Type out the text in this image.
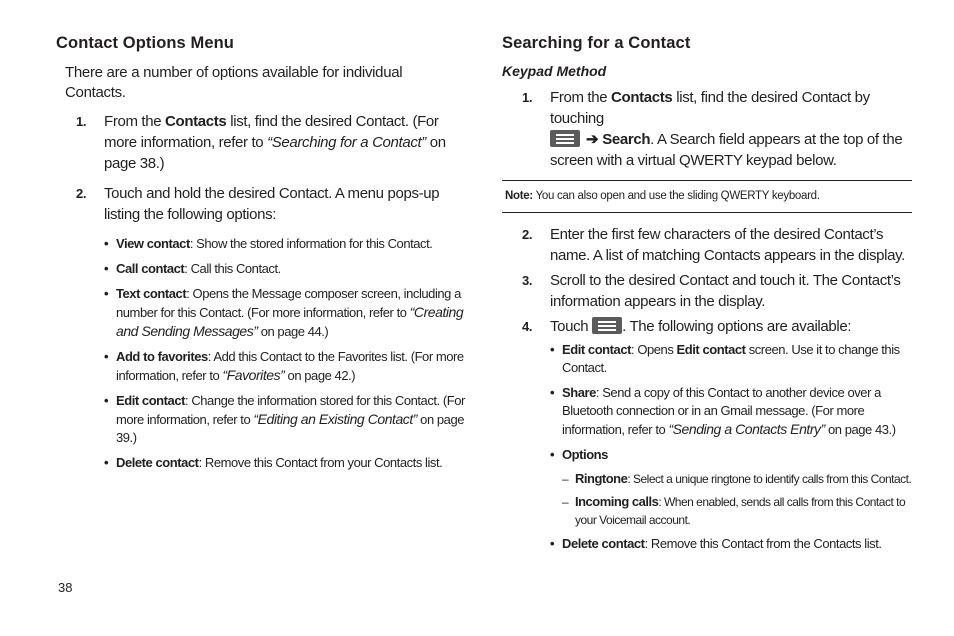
Contact Options Menu
There are a number of options available for individual Contacts.
1. From the Contacts list, find the desired Contact. (For more information, refer to “Searching for a Contact” on page 38.)
2. Touch and hold the desired Contact. A menu pops-up listing the following options:
• View contact: Show the stored information for this Contact.
• Call contact: Call this Contact.
• Text contact: Opens the Message composer screen, including a number for this Contact. (For more information, refer to “Creating and Sending Messages” on page 44.)
• Add to favorites: Add this Contact to the Favorites list. (For more information, refer to “Favorites” on page 42.)
• Edit contact: Change the information stored for this Contact. (For more information, refer to “Editing an Existing Contact” on page 39.)
• Delete contact: Remove this Contact from your Contacts list.
Searching for a Contact
Keypad Method
1. From the Contacts list, find the desired Contact by touching

➔ Search. A Search field appears at the top of the screen with a virtual QWERTY keypad below.
Note: You can also open and use the sliding QWERTY keyboard.
2. Enter the first few characters of the desired Contact’s name. A list of matching Contacts appears in the display.
3. Scroll to the desired Contact and touch it. The Contact’s information appears in the display.
4. Touch
. The following options are available:
• Edit contact: Opens Edit contact screen. Use it to change this Contact.
• Share: Send a copy of this Contact to another device over a Bluetooth connection or in an Gmail message. (For more information, refer to “Sending a Contacts Entry” on page 43.)
• Options
– Ringtone: Select a unique ringtone to identify calls from this Contact.
– Incoming calls: When enabled, sends all calls from this Contact to your Voicemail account.
• Delete contact: Remove this Contact from the Contacts list.
38
